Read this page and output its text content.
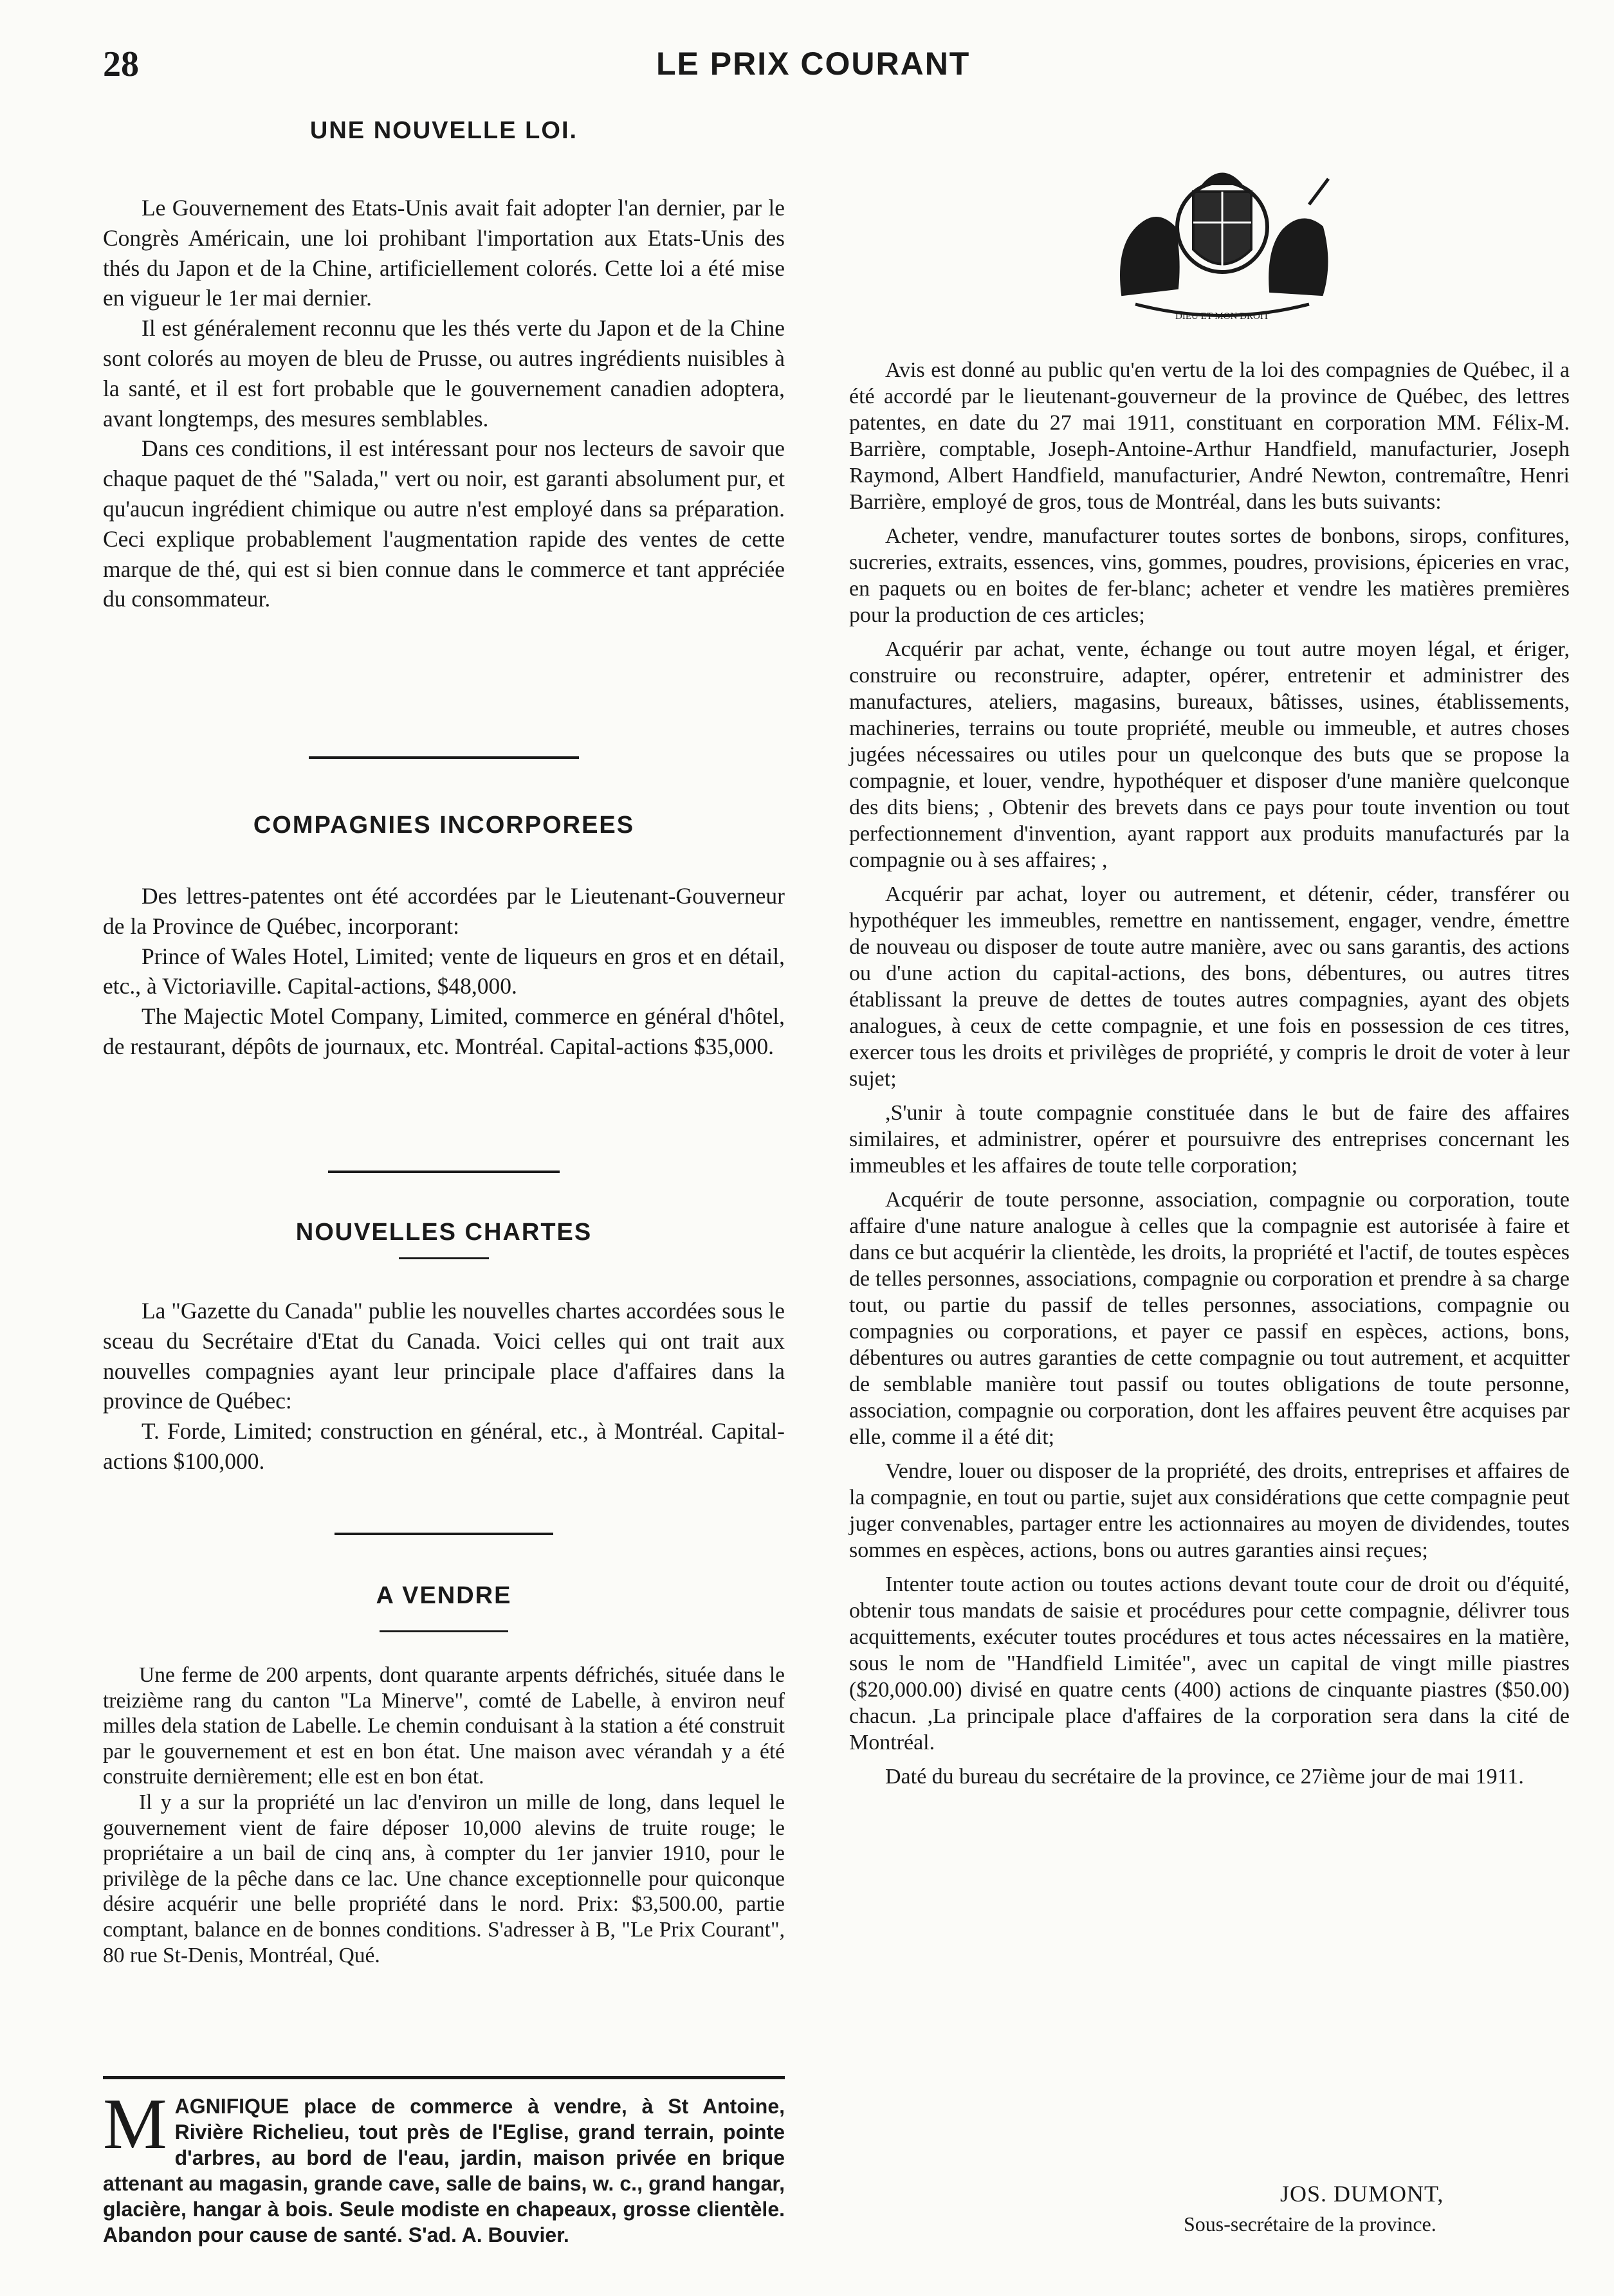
28	LE PRIX COURANT
UNE NOUVELLE LOI.

Le Gouvernement des Etats-Unis avait fait adopter l'an dernier, par le Congrès Américain, une loi prohibant l'importation aux Etats-Unis des thés du Japon et de la Chine, artificiellement colorés. Cette loi a été mise en vigueur le 1er mai dernier.

Il est généralement reconnu que les thés verte du Japon et de la Chine sont colorés au moyen de bleu de Prusse, ou autres ingrédients nuisibles à la santé, et il est fort probable que le gouvernement canadien adoptera, avant longtemps, des mesures semblables.

Dans ces conditions, il est intéressant pour nos lecteurs de savoir que chaque paquet de thé "Salada," vert ou noir, est garanti absolument pur, et qu'aucun ingrédient chimique ou autre n'est employé dans sa préparation. Ceci explique probablement l'augmentation rapide des ventes de cette marque de thé, qui est si bien connue dans le commerce et tant appréciée du consommateur.

COMPAGNIES INCORPOREES

Des lettres-patentes ont été accordées par le Lieutenant-Gouverneur de la Province de Québec, incorporant:

Prince of Wales Hotel, Limited; vente de liqueurs en gros et en détail, etc., à Victoriaville. Capital-actions, $48,000.

The Majectic Motel Company, Limited, commerce en général d'hôtel, de restaurant, dépôts de journaux, etc. Montréal. Capital-actions $35,000.

NOUVELLES CHARTES

La "Gazette du Canada" publie les nouvelles chartes accordées sous le sceau du Secrétaire d'Etat du Canada. Voici celles qui ont trait aux nouvelles compagnies ayant leur principale place d'affaires dans la province de Québec:

T. Forde, Limited; construction en général, etc., à Montréal. Capital-actions $100,000.

A VENDRE

Une ferme de 200 arpents, dont quarante arpents défrichés, située dans le treizième rang du canton "La Minerve", comté de Labelle, à environ neuf milles dela station de Labelle. Le chemin conduisant à la station a été construit par le gouvernement et est en bon état. Une maison avec vérandah y a été construite dernièrement; elle est en bon état.

Il y a sur la propriété un lac d'environ un mille de long, dans lequel le gouvernement vient de faire déposer 10,000 alevins de truite rouge; le propriétaire a un bail de cinq ans, à compter du 1er janvier 1910, pour le privilège de la pêche dans ce lac. Une chance exceptionnelle pour quiconque désire acquérir une belle propriété dans le nord. Prix: $3,500.00, partie comptant, balance en de bonnes conditions. S'adresser à B, "Le Prix Courant", 80 rue St-Denis, Montréal, Qué.

M AGNIFIQUE place de commerce à vendre, à St Antoine, Rivière Richelieu, tout près de l'Eglise, grand terrain, pointe d'arbres, au bord de l'eau, jardin, maison privée en brique attenant au magasin, grande cave, salle de bains, w. c., grand hangar, glacière, hangar à bois. Seule modiste en chapeaux, grosse clientèle. Abandon pour cause de santé. S'ad. A. Bouvier.
DIEU ET MON DROIT

Avis est donné au public qu'en vertu de la loi des compagnies de Québec, il a été accordé par le lieutenant-gouverneur de la province de Québec, des lettres patentes, en date du 27 mai 1911, constituant en corporation MM. Félix-M. Barrière, comptable, Joseph-Antoine-Arthur Handfield, manufacturier, Joseph Raymond, Albert Handfield, manufacturier, André Newton, contremaître, Henri Barrière, employé de gros, tous de Montréal, dans les buts suivants:

Acheter, vendre, manufacturer toutes sortes de bonbons, sirops, confitures, sucreries, extraits, essences, vins, gommes, poudres, provisions, épiceries en vrac, en paquets ou en boites de fer-blanc; acheter et vendre les matières premières pour la production de ces articles;

Acquérir par achat, vente, échange ou tout autre moyen légal, et ériger, construire ou reconstruire, adapter, opérer, entretenir et administrer des manufactures, ateliers, magasins, bureaux, bâtisses, usines, établissements, machineries, terrains ou toute propriété, meuble ou immeuble, et autres choses jugées nécessaires ou utiles pour un quelconque des buts que se propose la compagnie, et louer, vendre, hypothéquer et disposer d'une manière quelconque des dits biens; , Obtenir des brevets dans ce pays pour toute invention ou tout perfectionnement d'invention, ayant rapport aux produits manufacturés par la compagnie ou à ses affaires; ,

Acquérir par achat, loyer ou autrement, et détenir, céder, transférer ou hypothéquer les immeubles, remettre en nantissement, engager, vendre, émettre de nouveau ou disposer de toute autre manière, avec ou sans garantis, des actions ou d'une action du capital-actions, des bons, débentures, ou autres titres établissant la preuve de dettes de toutes autres compagnies, ayant des objets analogues, à ceux de cette compagnie, et une fois en possession de ces titres, exercer tous les droits et privilèges de propriété, y compris le droit de voter à leur sujet;

,S'unir à toute compagnie constituée dans le but de faire des affaires similaires, et administrer, opérer et poursuivre des entreprises concernant les immeubles et les affaires de toute telle corporation;

Acquérir de toute personne, association, compagnie ou corporation, toute affaire d'une nature analogue à celles que la compagnie est autorisée à faire et dans ce but acquérir la clientède, les droits, la propriété et l'actif, de toutes espèces de telles personnes, associations, compagnie ou corporation et prendre à sa charge tout, ou partie du passif de telles personnes, associations, compagnie ou compagnies ou corporations, et payer ce passif en espèces, actions, bons, débentures ou autres garanties de cette compagnie ou tout autrement, et acquitter de semblable manière tout passif ou toutes obligations de toute personne, association, compagnie ou corporation, dont les affaires peuvent être acquises par elle, comme il a été dit;

Vendre, louer ou disposer de la propriété, des droits, entreprises et affaires de la compagnie, en tout ou partie, sujet aux considérations que cette compagnie peut juger convenables, partager entre les actionnaires au moyen de dividendes, toutes sommes en espèces, actions, bons ou autres garanties ainsi reçues;

Intenter toute action ou toutes actions devant toute cour de droit ou d'équité, obtenir tous mandats de saisie et procédures pour cette compagnie, délivrer tous acquittements, exécuter toutes procédures et tous actes nécessaires en la matière, sous le nom de "Handfield Limitée", avec un capital de vingt mille piastres ($20,000.00) divisé en quatre cents (400) actions de cinquante piastres ($50.00) chacun. ,La principale place d'affaires de la corporation sera dans la cité de Montréal.

Daté du bureau du secrétaire de la province, ce 27ième jour de mai 1911.

JOS. DUMONT,
Sous-secrétaire de la province.
